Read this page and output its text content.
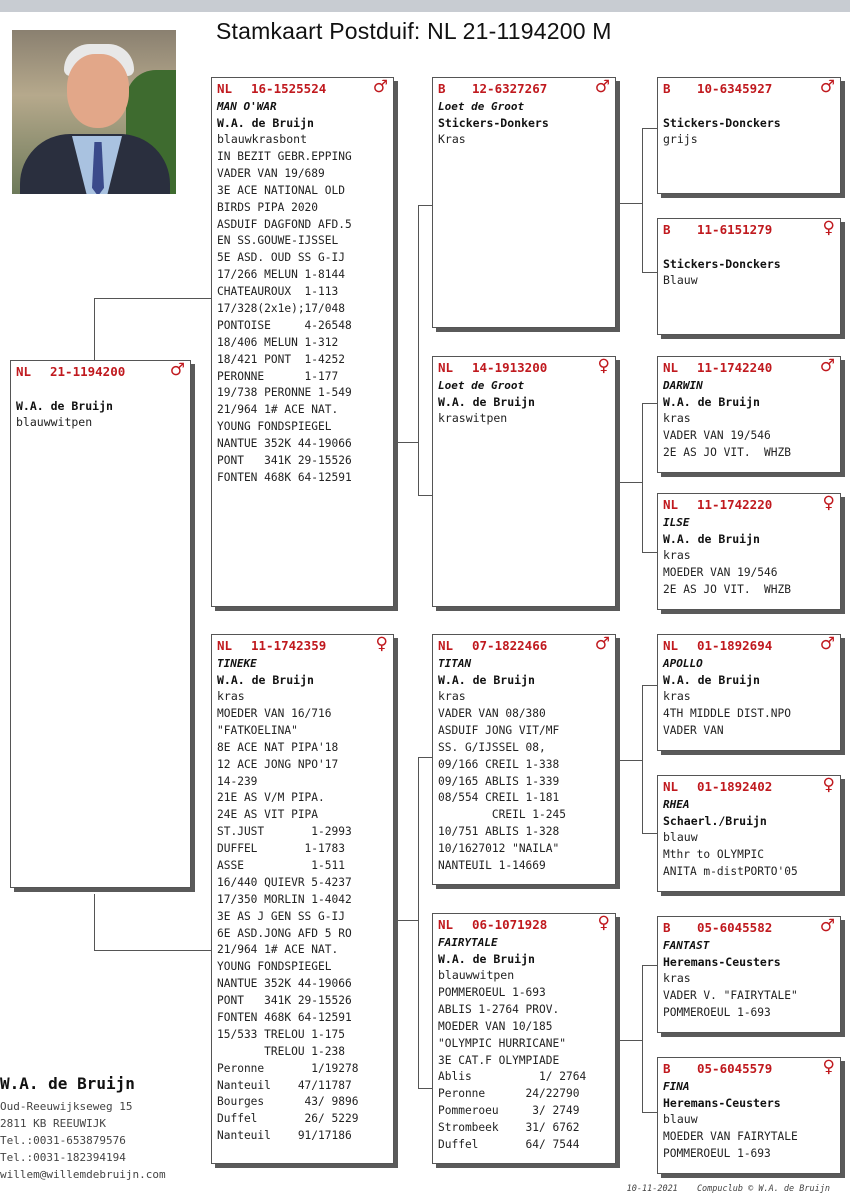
Stamkaart Postduif: NL 21-1194200 M
NL 21-1194200	♂
W.A. de Bruijn
blauwwitpen
NL 16-1525524	♂
MAN O'WAR
W.A. de Bruijn
blauwkrasbont
IN BEZIT GEBR.EPPING
VADER VAN 19/689
3E ACE NATIONAL OLD
BIRDS PIPA 2020
ASDUIF DAGFOND AFD.5
EN SS.GOUWE-IJSSEL
5E ASD. OUD SS G-IJ
17/266 MELUN 1-8144
CHATEAUROUX  1-113
17/328(2x1e);17/048
PONTOISE     4-26548
18/406 MELUN 1-312
18/421 PONT  1-4252
PERONNE      1-177
19/738 PERONNE 1-549
21/964 1# ACE NAT.
YOUNG FONDSPIEGEL
NANTUE 352K 44-19066
PONT   341K 29-15526
FONTEN 468K 64-12591
NL 11-1742359	♀
TINEKE
W.A. de Bruijn
kras
MOEDER VAN 16/716
"FATKOELINA"
8E ACE NAT PIPA'18
12 ACE JONG NPO'17
14-239
21E AS V/M PIPA.
24E AS VIT PIPA
ST.JUST       1-2993
DUFFEL       1-1783
ASSE          1-511
16/440 QUIEVR 5-4237
17/350 MORLIN 1-4042
3E AS J GEN SS G-IJ
6E ASD.JONG AFD 5 RO
21/964 1# ACE NAT.
YOUNG FONDSPIEGEL
NANTUE 352K 44-19066
PONT   341K 29-15526
FONTEN 468K 64-12591
15/533 TRELOU 1-175
TRELOU 1-238
Peronne       1/19278
Nanteuil    47/11787
Bourges      43/ 9896
Duffel       26/ 5229
Nanteuil    91/17186
B 12-6327267	♂
Loet de Groot
Stickers-Donkers
Kras
NL 14-1913200	♀
Loet de Groot
W.A. de Bruijn
kraswitpen
NL 07-1822466	♂
TITAN
W.A. de Bruijn
kras
VADER VAN 08/380
ASDUIF JONG VIT/MF
SS. G/IJSSEL 08,
09/166 CREIL 1-338
09/165 ABLIS 1-339
08/554 CREIL 1-181
CREIL 1-245
10/751 ABLIS 1-328
10/1627012 "NAILA"
NANTEUIL 1-14669
NL 06-1071928	♀
FAIRYTALE
W.A. de Bruijn
blauwwitpen
POMMEROEUL 1-693
ABLIS 1-2764 PROV.
MOEDER VAN 10/185
"OLYMPIC HURRICANE"
3E CAT.F OLYMPIADE
Ablis          1/ 2764
Peronne      24/22790
Pommeroeu     3/ 2749
Strombeek    31/ 6762
Duffel       64/ 7544
B 10-6345927	♂
Stickers-Donckers
grijs
B 11-6151279	♀
Stickers-Donckers
Blauw
NL 11-1742240	♂
DARWIN
W.A. de Bruijn
kras
VADER VAN 19/546
2E AS JO VIT.  WHZB
NL 11-1742220	♀
ILSE
W.A. de Bruijn
kras
MOEDER VAN 19/546
2E AS JO VIT.  WHZB
NL 01-1892694	♂
APOLLO
W.A. de Bruijn
kras
4TH MIDDLE DIST.NPO
VADER VAN
NL 01-1892402	♀
RHEA
Schaerl./Bruijn
blauw
Mthr to OLYMPIC
ANITA m-distPORTO'05
B 05-6045582	♂
FANTAST
Heremans-Ceusters
kras
VADER V. "FAIRYTALE"
POMMEROEUL 1-693
B 05-6045579	♀
FINA
Heremans-Ceusters
blauw
MOEDER VAN FAIRYTALE
POMMEROEUL 1-693
W.A. de Bruijn
Oud-Reeuwijkseweg 15
2811 KB REEUWIJK
Tel.:0031-653879576
Tel.:0031-182394194
willem@willemdebruijn.com
10-11-2021 Compuclub © W.A. de Bruijn
